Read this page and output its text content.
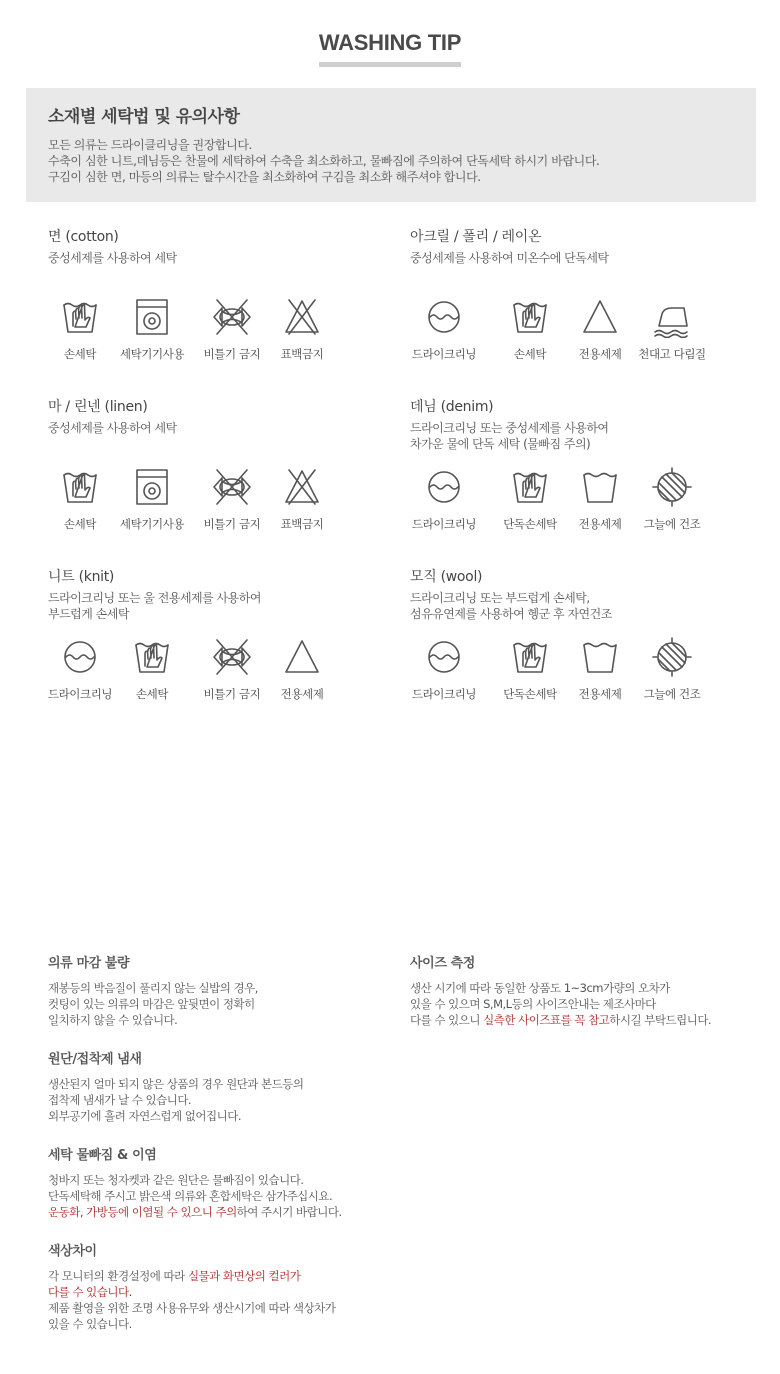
WASHING TIP
소재별 세탁법 및 유의사항

모든 의류는 드라이클리닝을 권장합니다.

수축이 심한 니트,데님등은 찬물에 세탁하여 수축을 최소화하고, 물빠짐에 주의하여 단독세탁 하시기 바랍니다.

구김이 심한 면, 마등의 의류는 탈수시간을 최소화하여 구김을 최소화 해주셔야 합니다.

면 (cotton)
중성세제를 사용하여 세탁
아크릴 / 폴리 / 레이온
중성세제를 사용하여 미온수에 단독세탁
마 / 린넨 (linen)
중성세제를 사용하여 세탁
데님 (denim)
드라이크리닝 또는 중성세제를 사용하여
차가운 물에 단독 세탁 (물빠짐 주의)
니트 (knit)
드라이크리닝 또는 울 전용세제를 사용하여
부드럽게 손세탁
모직 (wool)
드라이크리닝 또는 부드럽게 손세탁,
섬유유연제를 사용하여 헹군 후 자연건조
손세탁	세탁기기사용	비틀기 금지	표백금지	드라이크리닝	손세탁	전용세제	천대고 다림질
손세탁	세탁기기사용	비틀기 금지	표백금지	드라이크리닝	단독손세탁	전용세제	그늘에 건조
드라이크리닝	손세탁	비틀기 금지	전용세제	드라이크리닝	단독손세탁	전용세제	그늘에 건조
의류 마감 불량
재봉등의 박음질이 풀리지 않는 실밥의 경우,
컷팅이 있는 의류의 마감은 앞뒷면이 정확히
일치하지 않을 수 있습니다.
사이즈 측정
생산 시기에 따라 동일한 상품도 1~3cm가량의 오차가
있을 수 있으며 S,M,L등의 사이즈안내는 제조사마다
다를 수 있으니 실측한 사이즈표를 꼭 참고하시길 부탁드립니다.
원단/접착제 냄새
생산된지 얼마 되지 않은 상품의 경우 원단과 본드등의
접착제 냄새가 날 수 있습니다.
외부공기에 흘려 자연스럽게 없어집니다.
세탁 물빠짐 & 이염
청바지 또는 청자켓과 같은 원단은 물빠짐이 있습니다.
단독세탁해 주시고 밝은색 의류와 혼합세탁은 삼가주십시요.
운동화, 가방등에 이염될 수 있으니 주의하여 주시기 바랍니다.
색상차이
각 모니터의 환경설정에 따라 실물과 화면상의 컬러가
다를 수 있습니다.
제품 촬영을 위한 조명 사용유무와 생산시기에 따라 색상차가
있을 수 있습니다.
